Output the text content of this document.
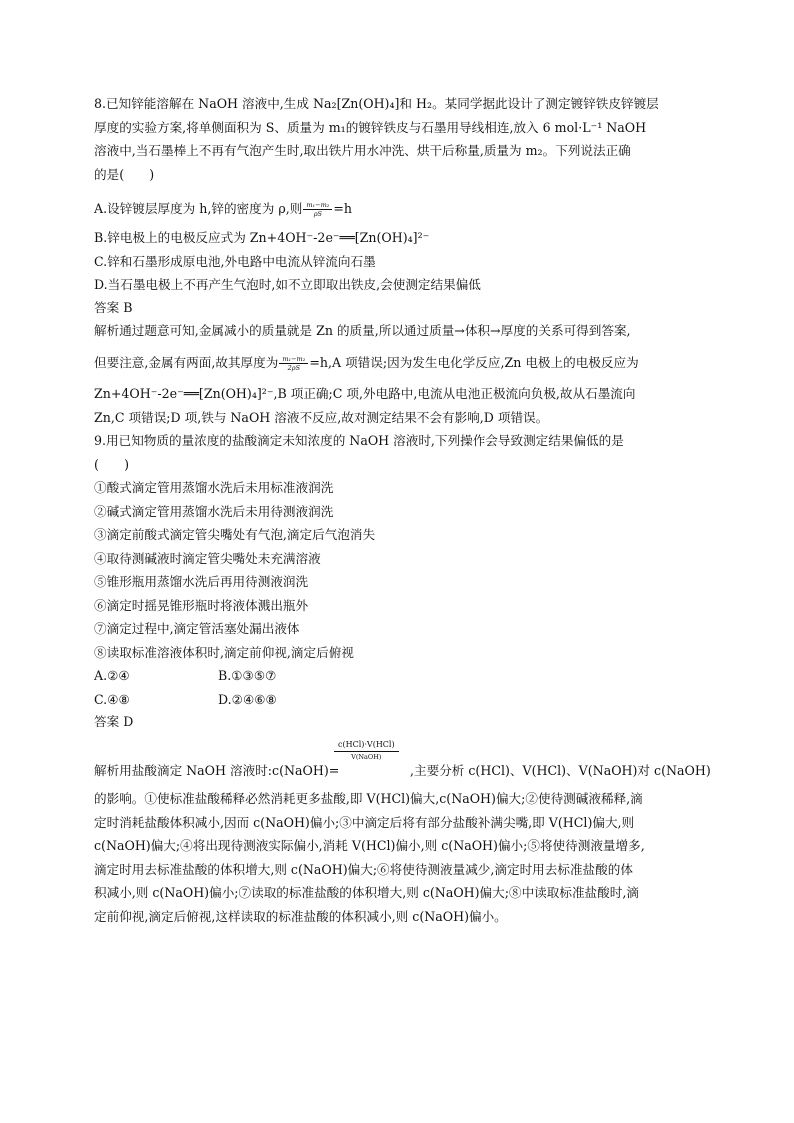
8.已知锌能溶解在 NaOH 溶液中,生成 Na₂[Zn(OH)₄]和 H₂。某同学据此设计了测定镀锌铁皮锌镀层
厚度的实验方案,将单侧面积为 S、质量为 m₁的镀锌铁皮与石墨用导线相连,放入 6 mol·L⁻¹ NaOH
溶液中,当石墨棒上不再有气泡产生时,取出铁片用水冲洗、烘干后称量,质量为 m₂。下列说法正确
的是(　　)
A.设锌镀层厚度为 h,锌的密度为 ρ,则 $\frac{\text{m₁−m₂}}{\rho S} =h$
B.锌电极上的电极反应式为 Zn+4OH⁻-2e⁻══[Zn(OH)₄]²⁻
C.锌和石墨形成原电池,外电路中电流从锌流向石墨
D.当石墨电极上不再产生气泡时,如不立即取出铁皮,会使测定结果偏低
答案 B
解析通过题意可知,金属减小的质量就是 Zn 的质量,所以通过质量→体积→厚度的关系可得到答案,
但要注意,金属有两面,故其厚度为 $\frac{\text{m₁−m₂}}{2\rho S} =h,A$ 项错误;因为发生电化学反应,Zn 电极上的电极反应为
Zn+4OH⁻-2e⁻══[Zn(OH)₄]²⁻,B 项正确;C 项,外电路中,电流从电池正极流向负极,故从石墨流向
Zn,C 项错误;D 项,铁与 NaOH 溶液不反应,故对测定结果不会有影响,D 项错误。
9.用已知物质的量浓度的盐酸滴定未知浓度的 NaOH 溶液时,下列操作会导致测定结果偏低的是
(　　)
①酸式滴定管用蒸馏水洗后未用标准液润洗
②碱式滴定管用蒸馏水洗后未用待测液润洗
③滴定前酸式滴定管尖嘴处有气泡,滴定后气泡消失
④取待测碱液时滴定管尖嘴处未充满溶液
⑤锥形瓶用蒸馏水洗后再用待测液润洗
⑥滴定时摇晃锥形瓶时将液体溅出瓶外
⑦滴定过程中,滴定管活塞处漏出液体
⑧读取标准溶液体积时,滴定前仰视,滴定后俯视
A.②④	B.①③⑤⑦
C.④⑧	D.②④⑥⑧
答案 D
解析用盐酸滴定 NaOH 溶液时:c(NaOH)=
c(HCl)·V(HCl)
V(NaOH)
,主要分析 c(HCl)、V(HCl)、V(NaOH)对 c(NaOH)
的影响。①使标准盐酸稀释必然消耗更多盐酸,即 V(HCl)偏大,c(NaOH)偏大;②使待测碱液稀释,滴
定时消耗盐酸体积减小,因而 c(NaOH)偏小;③中滴定后将有部分盐酸补满尖嘴,即 V(HCl)偏大,则
c(NaOH)偏大;④将出现待测液实际偏小,消耗 V(HCl)偏小,则 c(NaOH)偏小;⑤将使待测液量增多,
滴定时用去标准盐酸的体积增大,则 c(NaOH)偏大;⑥将使待测液量减少,滴定时用去标准盐酸的体
积减小,则 c(NaOH)偏小;⑦读取的标准盐酸的体积增大,则 c(NaOH)偏大;⑧中读取标准盐酸时,滴
定前仰视,滴定后俯视,这样读取的标准盐酸的体积减小,则 c(NaOH)偏小。
